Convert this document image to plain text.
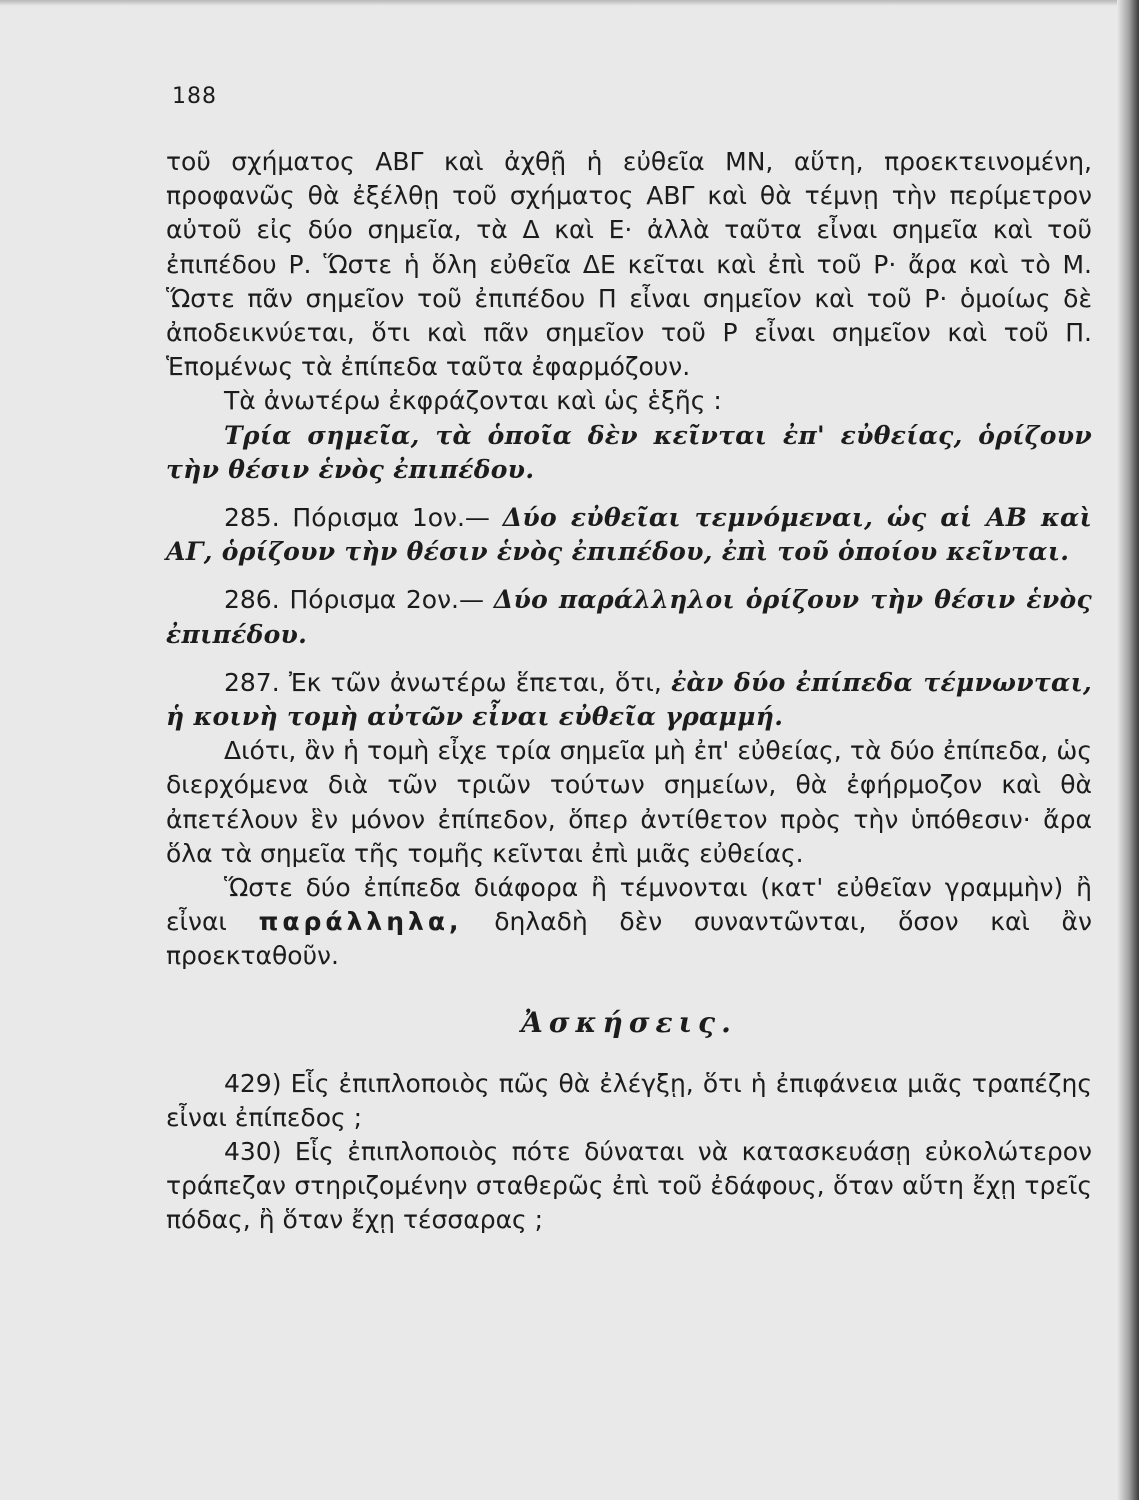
188

τοῦ σχήματος ΑΒΓ καὶ ἀχθῇ ἡ εὐθεῖα ΜΝ, αὕτη, προεκτεινομένη, προφανῶς θὰ ἐξέλθῃ τοῦ σχήματος ΑΒΓ καὶ θὰ τέμνῃ τὴν περίμετρον αὐτοῦ εἰς δύο σημεῖα, τὰ Δ καὶ Ε· ἀλλὰ ταῦτα εἶναι σημεῖα καὶ τοῦ ἐπιπέδου Ρ. Ὥστε ἡ ὅλη εὐθεῖα ΔΕ κεῖται καὶ ἐπὶ τοῦ Ρ· ἄρα καὶ τὸ Μ. Ὥστε πᾶν σημεῖον τοῦ ἐπιπέδου Π εἶναι σημεῖον καὶ τοῦ Ρ· ὁμοίως δὲ ἀποδεικνύεται, ὅτι καὶ πᾶν σημεῖον τοῦ Ρ εἶναι σημεῖον καὶ τοῦ Π. Ἑπομένως τὰ ἐπίπεδα ταῦτα ἐφαρμόζουν.

Τὰ ἀνωτέρω ἐκφράζονται καὶ ὡς ἑξῆς :

Τρία σημεῖα, τὰ ὁποῖα δὲν κεῖνται ἐπ' εὐθείας, ὁρίζουν τὴν θέσιν ἑνὸς ἐπιπέδου.

285. Πόρισμα 1ον.— Δύο εὐθεῖαι τεμνόμεναι, ὡς αἱ ΑΒ καὶ ΑΓ, ὁρίζουν τὴν θέσιν ἑνὸς ἐπιπέδου, ἐπὶ τοῦ ὁποίου κεῖνται.

286. Πόρισμα 2ον.— Δύο παράλληλοι ὁρίζουν τὴν θέσιν ἑνὸς ἐπιπέδου.

287. Ἐκ τῶν ἀνωτέρω ἕπεται, ὅτι, ἐὰν δύο ἐπίπεδα τέμνωνται, ἡ κοινὴ τομὴ αὐτῶν εἶναι εὐθεῖα γραμμή.

Διότι, ἂν ἡ τομὴ εἶχε τρία σημεῖα μὴ ἐπ' εὐθείας, τὰ δύο ἐπίπεδα, ὡς διερχόμενα διὰ τῶν τριῶν τούτων σημείων, θὰ ἐφήρμοζον καὶ θὰ ἀπετέλουν ἓν μόνον ἐπίπεδον, ὅπερ ἀντίθετον πρὸς τὴν ὑπόθεσιν· ἄρα ὅλα τὰ σημεῖα τῆς τομῆς κεῖνται ἐπὶ μιᾶς εὐθείας.

Ὥστε δύο ἐπίπεδα διάφορα ἢ τέμνονται (κατ' εὐθεῖαν γραμμὴν) ἢ εἶναι παράλληλα, δηλαδὴ δὲν συναντῶνται, ὅσον καὶ ἂν προεκταθοῦν.

Ἀσκήσεις.

429) Εἷς ἐπιπλοποιὸς πῶς θὰ ἐλέγξῃ, ὅτι ἡ ἐπιφάνεια μιᾶς τραπέζης εἶναι ἐπίπεδος ;

430) Εἷς ἐπιπλοποιὸς πότε δύναται νὰ κατασκευάσῃ εὐκολώτερον τράπεζαν στηριζομένην σταθερῶς ἐπὶ τοῦ ἐδάφους, ὅταν αὕτη ἔχῃ τρεῖς πόδας, ἢ ὅταν ἔχῃ τέσσαρας ;
